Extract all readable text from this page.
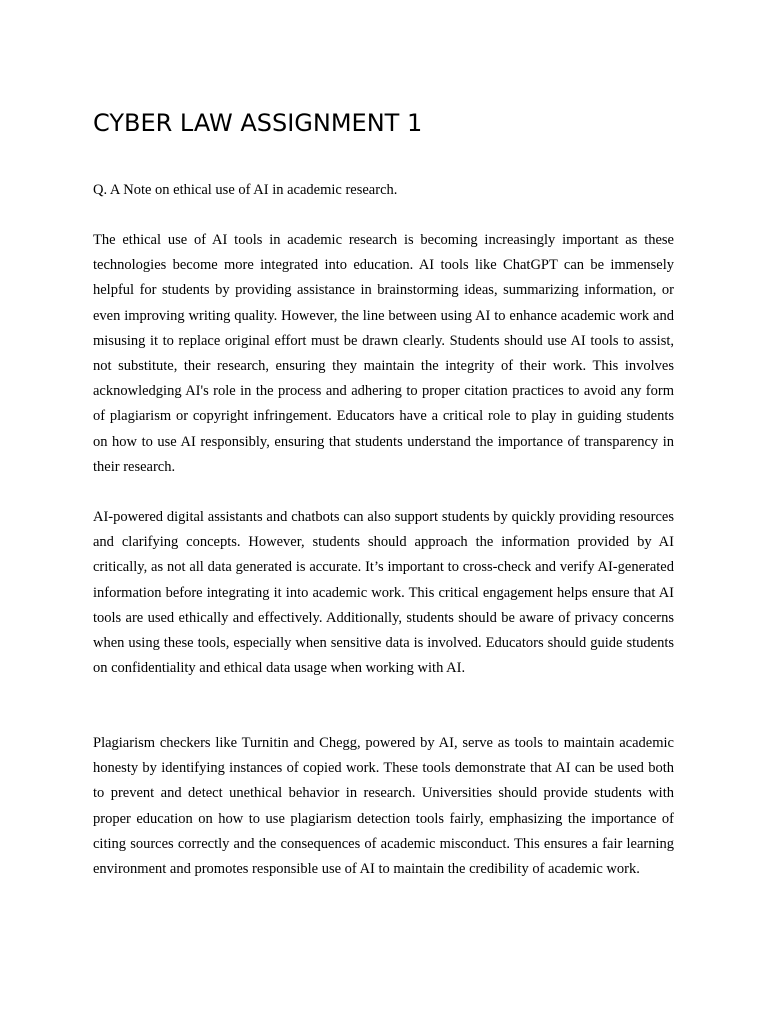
CYBER LAW ASSIGNMENT 1

Q. A Note on ethical use of AI in academic research.

The ethical use of AI tools in academic research is becoming increasingly important as these technologies become more integrated into education. AI tools like ChatGPT can be immensely helpful for students by providing assistance in brainstorming ideas, summarizing information, or even improving writing quality. However, the line between using AI to enhance academic work and misusing it to replace original effort must be drawn clearly. Students should use AI tools to assist, not substitute, their research, ensuring they maintain the integrity of their work. This involves acknowledging AI's role in the process and adhering to proper citation practices to avoid any form of plagiarism or copyright infringement. Educators have a critical role to play in guiding students on how to use AI responsibly, ensuring that students understand the importance of transparency in their research.

AI-powered digital assistants and chatbots can also support students by quickly providing resources and clarifying concepts. However, students should approach the information provided by AI critically, as not all data generated is accurate. It’s important to cross-check and verify AI-generated information before integrating it into academic work. This critical engagement helps ensure that AI tools are used ethically and effectively. Additionally, students should be aware of privacy concerns when using these tools, especially when sensitive data is involved. Educators should guide students on confidentiality and ethical data usage when working with AI.

Plagiarism checkers like Turnitin and Chegg, powered by AI, serve as tools to maintain academic honesty by identifying instances of copied work. These tools demonstrate that AI can be used both to prevent and detect unethical behavior in research. Universities should provide students with proper education on how to use plagiarism detection tools fairly, emphasizing the importance of citing sources correctly and the consequences of academic misconduct. This ensures a fair learning environment and promotes responsible use of AI to maintain the credibility of academic work.
